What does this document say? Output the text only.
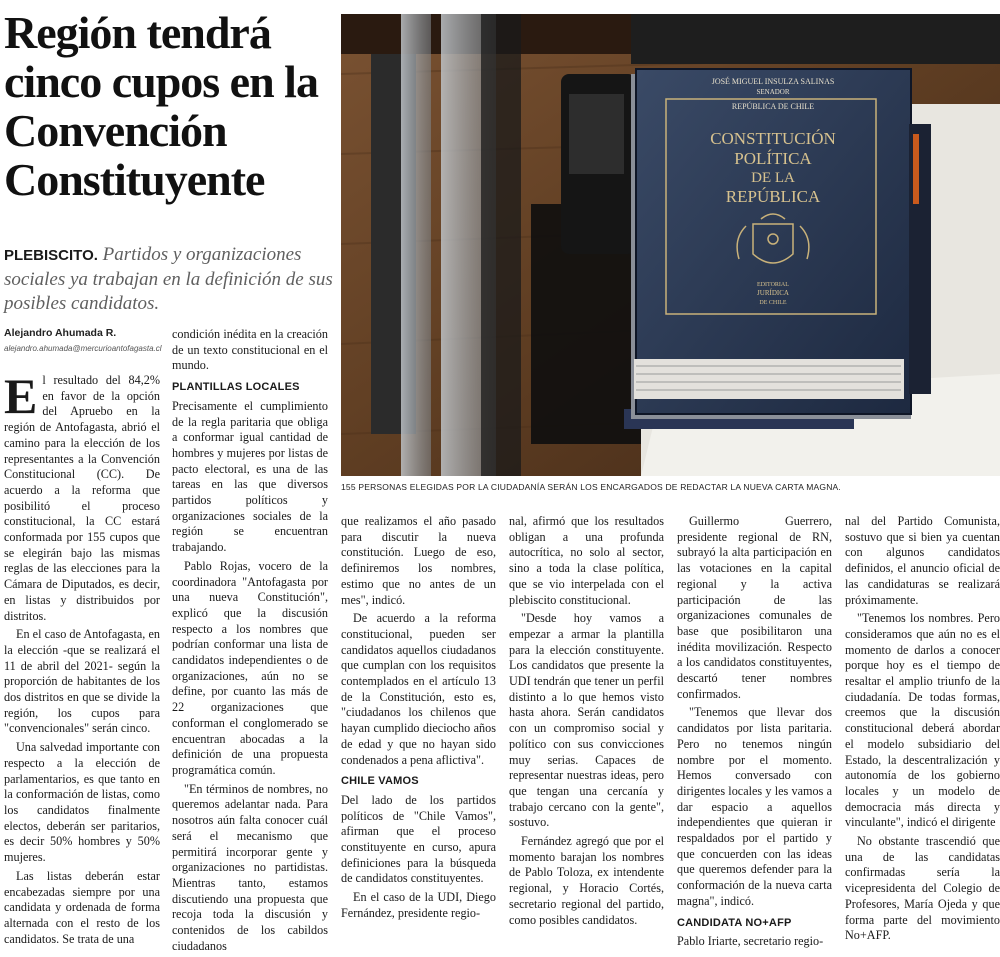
Región tendrá cinco cupos en la Convención Constituyente
PLEBISCITO. Partidos y organizaciones sociales ya trabajan en la definición de sus posibles candidatos.
Alejandro Ahumada R.
alejandro.ahumada@mercurioantofagasta.cl
JOSÉ MIGUEL INSULZA SALINAS
SENADOR
REPÚBLICA DE CHILE
CONSTITUCIÓN
POLÍTICA
DE LA
REPÚBLICA
EDITORIAL
JURÍDICA
DE CHILE
155 PERSONAS ELEGIDAS POR LA CIUDADANÍA SERÁN LOS ENCARGADOS DE REDACTAR LA NUEVA CARTA MAGNA.

El resultado del 84,2% en favor de la opción del Apruebo en la región de Antofagasta, abrió el camino para la elección de los representantes a la Convención Constitucional (CC). De acuerdo a la reforma que posibilitó el proceso constitucional, la CC estará conformada por 155 cupos que se elegirán bajo las mismas reglas de las elecciones para la Cámara de Diputados, es decir, en listas y distribuidos por distritos.

En el caso de Antofagasta, en la elección -que se realizará el 11 de abril del 2021- según la proporción de habitantes de los dos distritos en que se divide la región, los cupos para "convencionales" serán cinco.

Una salvedad importante con respecto a la elección de parlamentarios, es que tanto en la conformación de listas, como los candidatos finalmente electos, deberán ser paritarios, es decir 50% hombres y 50% mujeres.

Las listas deberán estar encabezadas siempre por una candidata y ordenada de forma alternada con el resto de los candidatos. Se trata de una

condición inédita en la creación de un texto constitucional en el mundo.

PLANTILLAS LOCALES

Precisamente el cumplimiento de la regla paritaria que obliga a conformar igual cantidad de hombres y mujeres por listas de pacto electoral, es una de las tareas en las que diversos partidos políticos y organizaciones sociales de la región se encuentran trabajando.

Pablo Rojas, vocero de la coordinadora "Antofagasta por una nueva Constitución", explicó que la discusión respecto a los nombres que podrían conformar una lista de candidatos independientes o de organizaciones, aún no se define, por cuanto las más de 22 organizaciones que conforman el conglomerado se encuentran abocadas a la definición de una propuesta programática común.

"En términos de nombres, no queremos adelantar nada. Para nosotros aún falta conocer cuál será el mecanismo que permitirá incorporar gente y organizaciones no partidistas. Mientras tanto, estamos discutiendo una propuesta que recoja toda la discusión y contenidos de los cabildos ciudadanos

que realizamos el año pasado para discutir la nueva constitución. Luego de eso, definiremos los nombres, estimo que no antes de un mes", indicó.

De acuerdo a la reforma constitucional, pueden ser candidatos aquellos ciudadanos que cumplan con los requisitos contemplados en el artículo 13 de la Constitución, esto es, "ciudadanos los chilenos que hayan cumplido dieciocho años de edad y que no hayan sido condenados a pena aflictiva".

CHILE VAMOS

Del lado de los partidos políticos de "Chile Vamos", afirman que el proceso constituyente en curso, apura definiciones para la búsqueda de candidatos constituyentes.

En el caso de la UDI, Diego Fernández, presidente regio-

nal, afirmó que los resultados obligan a una profunda autocrítica, no solo al sector, sino a toda la clase política, que se vio interpelada con el plebiscito constitucional.

"Desde hoy vamos a empezar a armar la plantilla para la elección constituyente. Los candidatos que presente la UDI tendrán que tener un perfil distinto a lo que hemos visto hasta ahora. Serán candidatos con un compromiso social y político con sus convicciones muy serias. Capaces de representar nuestras ideas, pero que tengan una cercanía y trabajo cercano con la gente", sostuvo.

Fernández agregó que por el momento barajan los nombres de Pablo Toloza, ex intendente regional, y Horacio Cortés, secretario regional del partido, como posibles candidatos.

Guillermo Guerrero, presidente regional de RN, subrayó la alta participación en las votaciones en la capital regional y la activa participación de las organizaciones comunales de base que posibilitaron una inédita movilización. Respecto a los candidatos constituyentes, descartó tener nombres confirmados.

"Tenemos que llevar dos candidatos por lista paritaria. Pero no tenemos ningún nombre por el momento. Hemos conversado con dirigentes locales y les vamos a dar espacio a aquellos independientes que quieran ir respaldados por el partido y que concuerden con las ideas que queremos defender para la conformación de la nueva carta magna", indicó.

CANDIDATA NO+AFP

Pablo Iriarte, secretario regio-

nal del Partido Comunista, sostuvo que si bien ya cuentan con algunos candidatos definidos, el anuncio oficial de las candidaturas se realizará próximamente.

"Tenemos los nombres. Pero consideramos que aún no es el momento de darlos a conocer porque hoy es el tiempo de resaltar el amplio triunfo de la ciudadanía. De todas formas, creemos que la discusión constitucional deberá abordar el modelo subsidiario del Estado, la descentralización y autonomía de los gobierno locales y un modelo de democracia más directa y vinculante", indicó el dirigente

No obstante trascendió que una de las candidatas confirmadas sería la vicepresidenta del Colegio de Profesores, María Ojeda y que forma parte del movimiento No+AFP.
